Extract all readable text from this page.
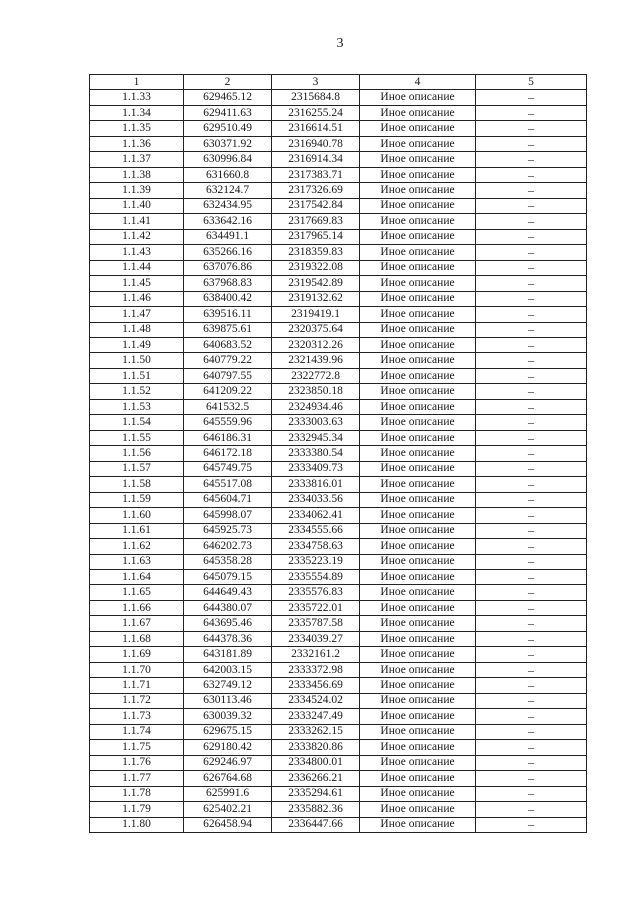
3
1	2	3	4	5
1.1.33	629465.12	2315684.8	Иное описание	–
1.1.34	629411.63	2316255.24	Иное описание	–
1.1.35	629510.49	2316614.51	Иное описание	–
1.1.36	630371.92	2316940.78	Иное описание	–
1.1.37	630996.84	2316914.34	Иное описание	–
1.1.38	631660.8	2317383.71	Иное описание	–
1.1.39	632124.7	2317326.69	Иное описание	–
1.1.40	632434.95	2317542.84	Иное описание	–
1.1.41	633642.16	2317669.83	Иное описание	–
1.1.42	634491.1	2317965.14	Иное описание	–
1.1.43	635266.16	2318359.83	Иное описание	–
1.1.44	637076.86	2319322.08	Иное описание	–
1.1.45	637968.83	2319542.89	Иное описание	–
1.1.46	638400.42	2319132.62	Иное описание	–
1.1.47	639516.11	2319419.1	Иное описание	–
1.1.48	639875.61	2320375.64	Иное описание	–
1.1.49	640683.52	2320312.26	Иное описание	–
1.1.50	640779.22	2321439.96	Иное описание	–
1.1.51	640797.55	2322772.8	Иное описание	–
1.1.52	641209.22	2323850.18	Иное описание	–
1.1.53	641532.5	2324934.46	Иное описание	–
1.1.54	645559.96	2333003.63	Иное описание	–
1.1.55	646186.31	2332945.34	Иное описание	–
1.1.56	646172.18	2333380.54	Иное описание	–
1.1.57	645749.75	2333409.73	Иное описание	–
1.1.58	645517.08	2333816.01	Иное описание	–
1.1.59	645604.71	2334033.56	Иное описание	–
1.1.60	645998.07	2334062.41	Иное описание	–
1.1.61	645925.73	2334555.66	Иное описание	–
1.1.62	646202.73	2334758.63	Иное описание	–
1.1.63	645358.28	2335223.19	Иное описание	–
1.1.64	645079.15	2335554.89	Иное описание	–
1.1.65	644649.43	2335576.83	Иное описание	–
1.1.66	644380.07	2335722.01	Иное описание	–
1.1.67	643695.46	2335787.58	Иное описание	–
1.1.68	644378.36	2334039.27	Иное описание	–
1.1.69	643181.89	2332161.2	Иное описание	–
1.1.70	642003.15	2333372.98	Иное описание	–
1.1.71	632749.12	2333456.69	Иное описание	–
1.1.72	630113.46	2334524.02	Иное описание	–
1.1.73	630039.32	2333247.49	Иное описание	–
1.1.74	629675.15	2333262.15	Иное описание	–
1.1.75	629180.42	2333820.86	Иное описание	–
1.1.76	629246.97	2334800.01	Иное описание	–
1.1.77	626764.68	2336266.21	Иное описание	–
1.1.78	625991.6	2335294.61	Иное описание	–
1.1.79	625402.21	2335882.36	Иное описание	–
1.1.80	626458.94	2336447.66	Иное описание	–
